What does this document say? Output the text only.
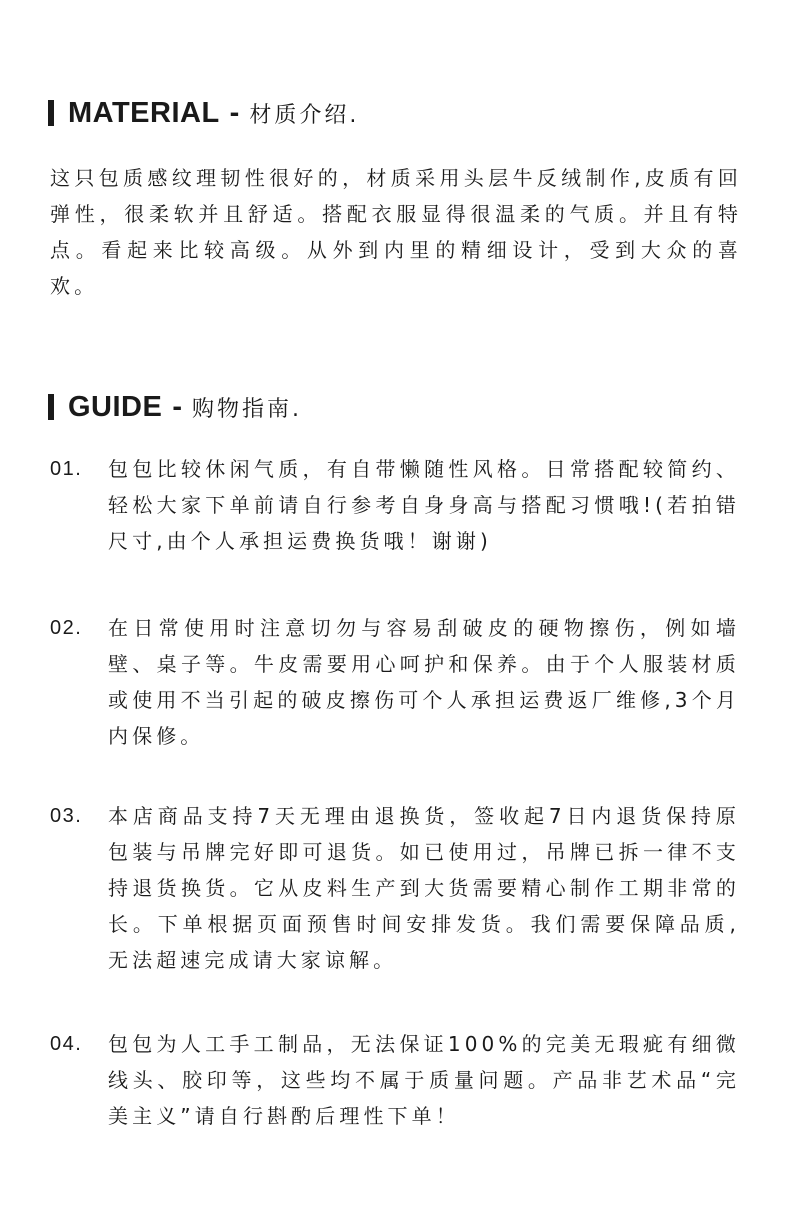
MATERIAL - 材质介绍.

这只包质感纹理韧性很好的，材质采用头层牛反绒制作,皮质有回弹性，很柔软并且舒适。搭配衣服显得很温柔的气质。并且有特点。看起来比较高级。从外到内里的精细设计，受到大众的喜欢。

GUIDE - 购物指南.
01.	包包比较休闲气质，有自带懒随性风格。日常搭配较简约、轻松大家下单前请自行参考自身身高与搭配习惯哦!(若拍错尺寸,由个人承担运费换货哦！谢谢)
02.	在日常使用时注意切勿与容易刮破皮的硬物擦伤，例如墙壁、桌子等。牛皮需要用心呵护和保养。由于个人服装材质或使用不当引起的破皮擦伤可个人承担运费返厂维修,3个月内保修。
03.	本店商品支持7天无理由退换货，签收起7日内退货保持原包装与吊牌完好即可退货。如已使用过，吊牌已拆一律不支持退货换货。它从皮料生产到大货需要精心制作工期非常的长。下单根据页面预售时间安排发货。我们需要保障品质,无法超速完成请大家谅解。
04.	包包为人工手工制品，无法保证100%的完美无瑕疵有细微线头、胶印等，这些均不属于质量问题。产品非艺术品“完美主义”请自行斟酌后理性下单！
